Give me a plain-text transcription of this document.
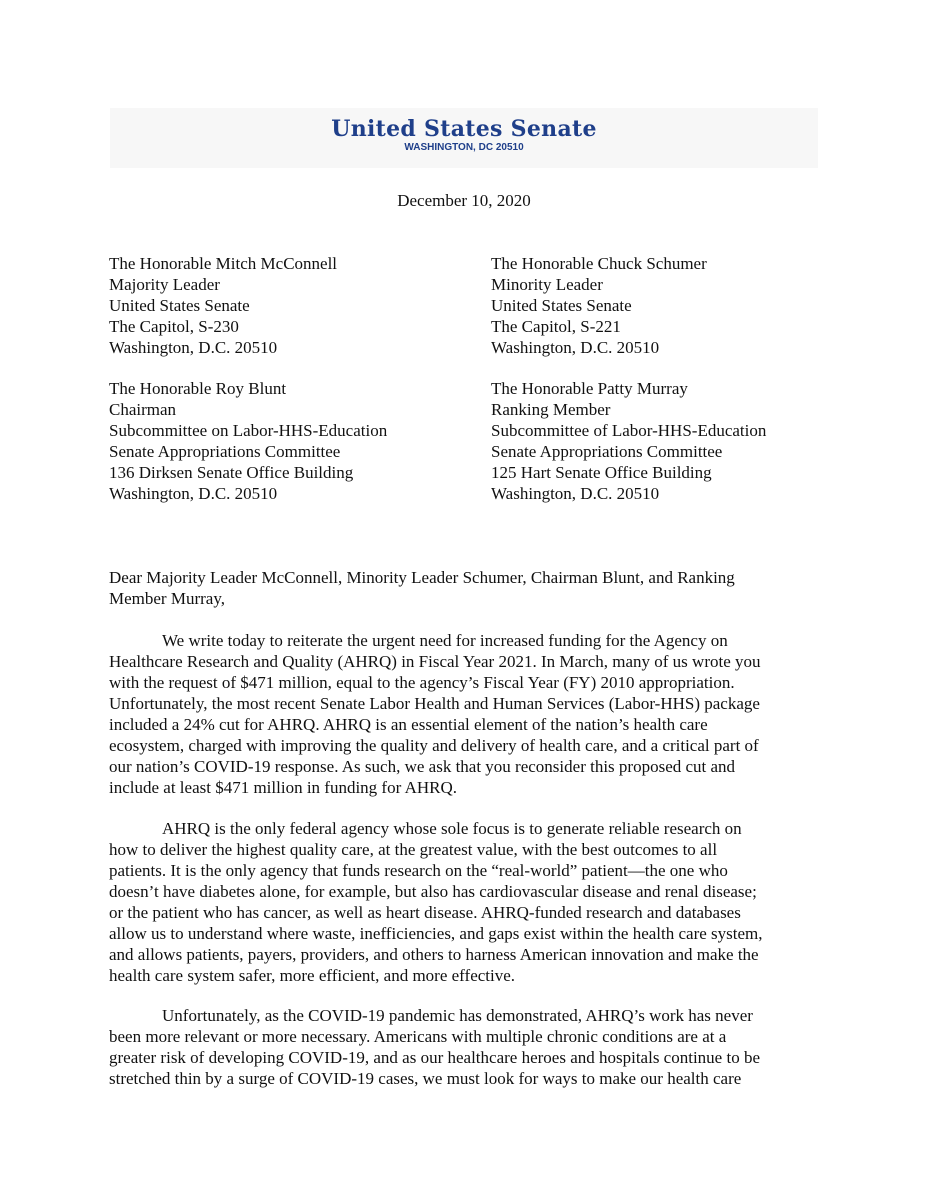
United States Senate
WASHINGTON, DC 20510
December 10, 2020
The Honorable Mitch McConnell
Majority Leader
United States Senate
The Capitol, S-230
Washington, D.C. 20510
The Honorable Chuck Schumer
Minority Leader
United States Senate
The Capitol, S-221
Washington, D.C. 20510
The Honorable Roy Blunt
Chairman
Subcommittee on Labor-HHS-Education
Senate Appropriations Committee
136 Dirksen Senate Office Building
Washington, D.C. 20510
The Honorable Patty Murray
Ranking Member
Subcommittee of Labor-HHS-Education
Senate Appropriations Committee
125 Hart Senate Office Building
Washington, D.C. 20510
Dear Majority Leader McConnell, Minority Leader Schumer, Chairman Blunt, and Ranking
Member Murray,
We write today to reiterate the urgent need for increased funding for the Agency on
Healthcare Research and Quality (AHRQ) in Fiscal Year 2021. In March, many of us wrote you
with the request of $471 million, equal to the agency’s Fiscal Year (FY) 2010 appropriation.
Unfortunately, the most recent Senate Labor Health and Human Services (Labor-HHS) package
included a 24% cut for AHRQ. AHRQ is an essential element of the nation’s health care
ecosystem, charged with improving the quality and delivery of health care, and a critical part of
our nation’s COVID-19 response. As such, we ask that you reconsider this proposed cut and
include at least $471 million in funding for AHRQ.
AHRQ is the only federal agency whose sole focus is to generate reliable research on
how to deliver the highest quality care, at the greatest value, with the best outcomes to all
patients. It is the only agency that funds research on the “real-world” patient—the one who
doesn’t have diabetes alone, for example, but also has cardiovascular disease and renal disease;
or the patient who has cancer, as well as heart disease. AHRQ-funded research and databases
allow us to understand where waste, inefficiencies, and gaps exist within the health care system,
and allows patients, payers, providers, and others to harness American innovation and make the
health care system safer, more efficient, and more effective.
Unfortunately, as the COVID-19 pandemic has demonstrated, AHRQ’s work has never
been more relevant or more necessary. Americans with multiple chronic conditions are at a
greater risk of developing COVID-19, and as our healthcare heroes and hospitals continue to be
stretched thin by a surge of COVID-19 cases, we must look for ways to make our health care
